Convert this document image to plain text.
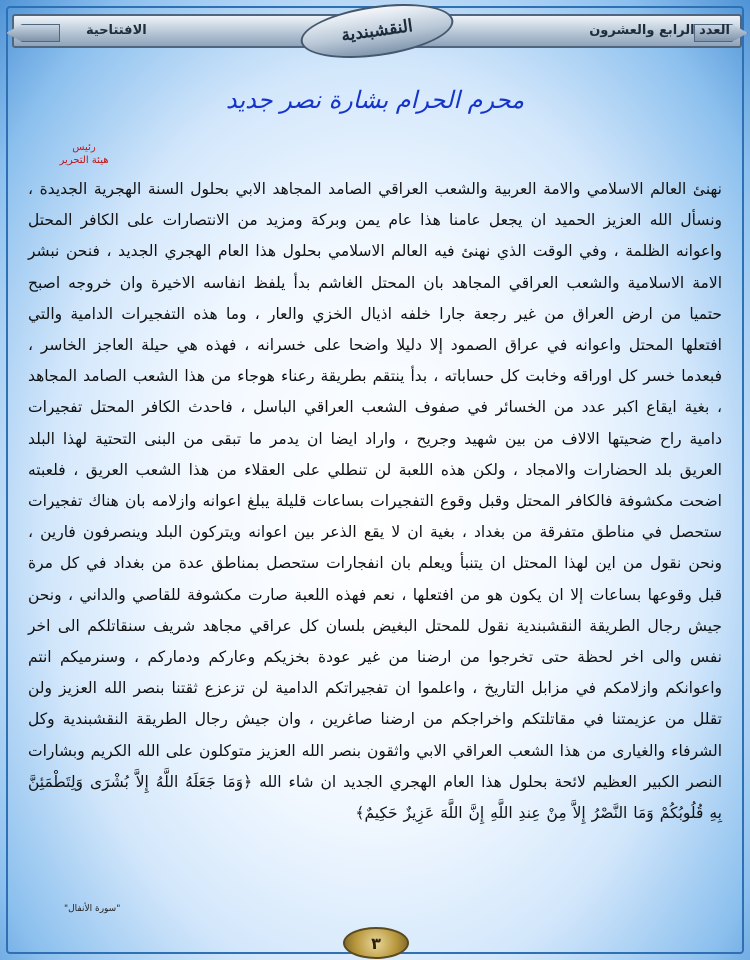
العدد الرابع والعشرون
الافتتاحية	النقشبندية
محرم الحرام بشارة نصر جديد
رئيس
هيئة التحرير

نهنئ العالم الاسلامي والامة العربية والشعب العراقي الصامد المجاهد الابي بحلول السنة الهجرية الجديدة ، ونسأل الله العزيز الحميد ان يجعل عامنا هذا عام يمن وبركة ومزيد من الانتصارات على الكافر المحتل واعوانه الظلمة ، وفي الوقت الذي نهنئ فيه العالم الاسلامي بحلول هذا العام الهجري الجديد ، فنحن نبشر الامة الاسلامية والشعب العراقي المجاهد بان المحتل الغاشم بدأ يلفظ انفاسه الاخيرة وان خروجه اصبح حتميا من ارض العراق من غير رجعة جارا خلفه اذيال الخزي والعار ، وما هذه التفجيرات الدامية والتي افتعلها المحتل واعوانه في عراق الصمود إلا دليلا واضحا على خسرانه ، فهذه هي حيلة العاجز الخاسر ، فبعدما خسر كل اوراقه وخابت كل حساباته ، بدأ ينتقم بطريقة رعناء هوجاء من هذا الشعب الصامد المجاهد ، بغية ايقاع اكبر عدد من الخسائر في صفوف الشعب العراقي الباسل ، فاحدث الكافر المحتل تفجيرات دامية راح ضحيتها الالاف من بين شهيد وجريح ، واراد ايضا ان يدمر ما تبقى من البنى التحتية لهذا البلد العريق بلد الحضارات والامجاد ، ولكن هذه اللعبة لن تنطلي على العقلاء من هذا الشعب العريق ، فلعبته اضحت مكشوفة فالكافر المحتل وقبل وقوع التفجيرات بساعات قليلة يبلغ اعوانه وازلامه بان هناك تفجيرات ستحصل في مناطق متفرقة من بغداد ، بغية ان لا يقع الذعر بين اعوانه ويتركون البلد وينصرفون فارين ، ونحن نقول من اين لهذا المحتل ان يتنبأ ويعلم بان انفجارات ستحصل بمناطق عدة من بغداد في كل مرة قبل وقوعها بساعات إلا ان يكون هو من افتعلها ، نعم فهذه اللعبة صارت مكشوفة للقاصي والداني ، ونحن جيش رجال الطريقة النقشبندية نقول للمحتل البغيض بلسان كل عراقي مجاهد شريف سنقاتلكم الى اخر نفس والى اخر لحظة حتى تخرجوا من ارضنا من غير عودة بخزيكم وعاركم ودماركم ، وسنرميكم انتم واعوانكم وازلامكم في مزابل التاريخ ، واعلموا ان تفجيراتكم الدامية لن تزعزع ثقتنا بنصر الله العزيز ولن تقلل من عزيمتنا في مقاتلتكم واخراجكم من ارضنا صاغرين ، وان جيش رجال الطريقة النقشبندية وكل الشرفاء والغيارى من هذا الشعب العراقي الابي واثقون بنصر الله العزيز متوكلون على الله الكريم وبشارات النصر الكبير العظيم لائحة بحلول هذا العام الهجري الجديد ان شاء الله ﴿وَمَا جَعَلَهُ اللَّهُ إِلاَّ بُشْرَى وَلِتَطْمَئِنَّ بِهِ قُلُوبُكُمْ وَمَا النَّصْرُ إِلاَّ مِنْ عِندِ اللَّهِ إِنَّ اللَّهَ عَزِيزٌ حَكِيمٌ﴾

"سورة الأنفال"
٣
